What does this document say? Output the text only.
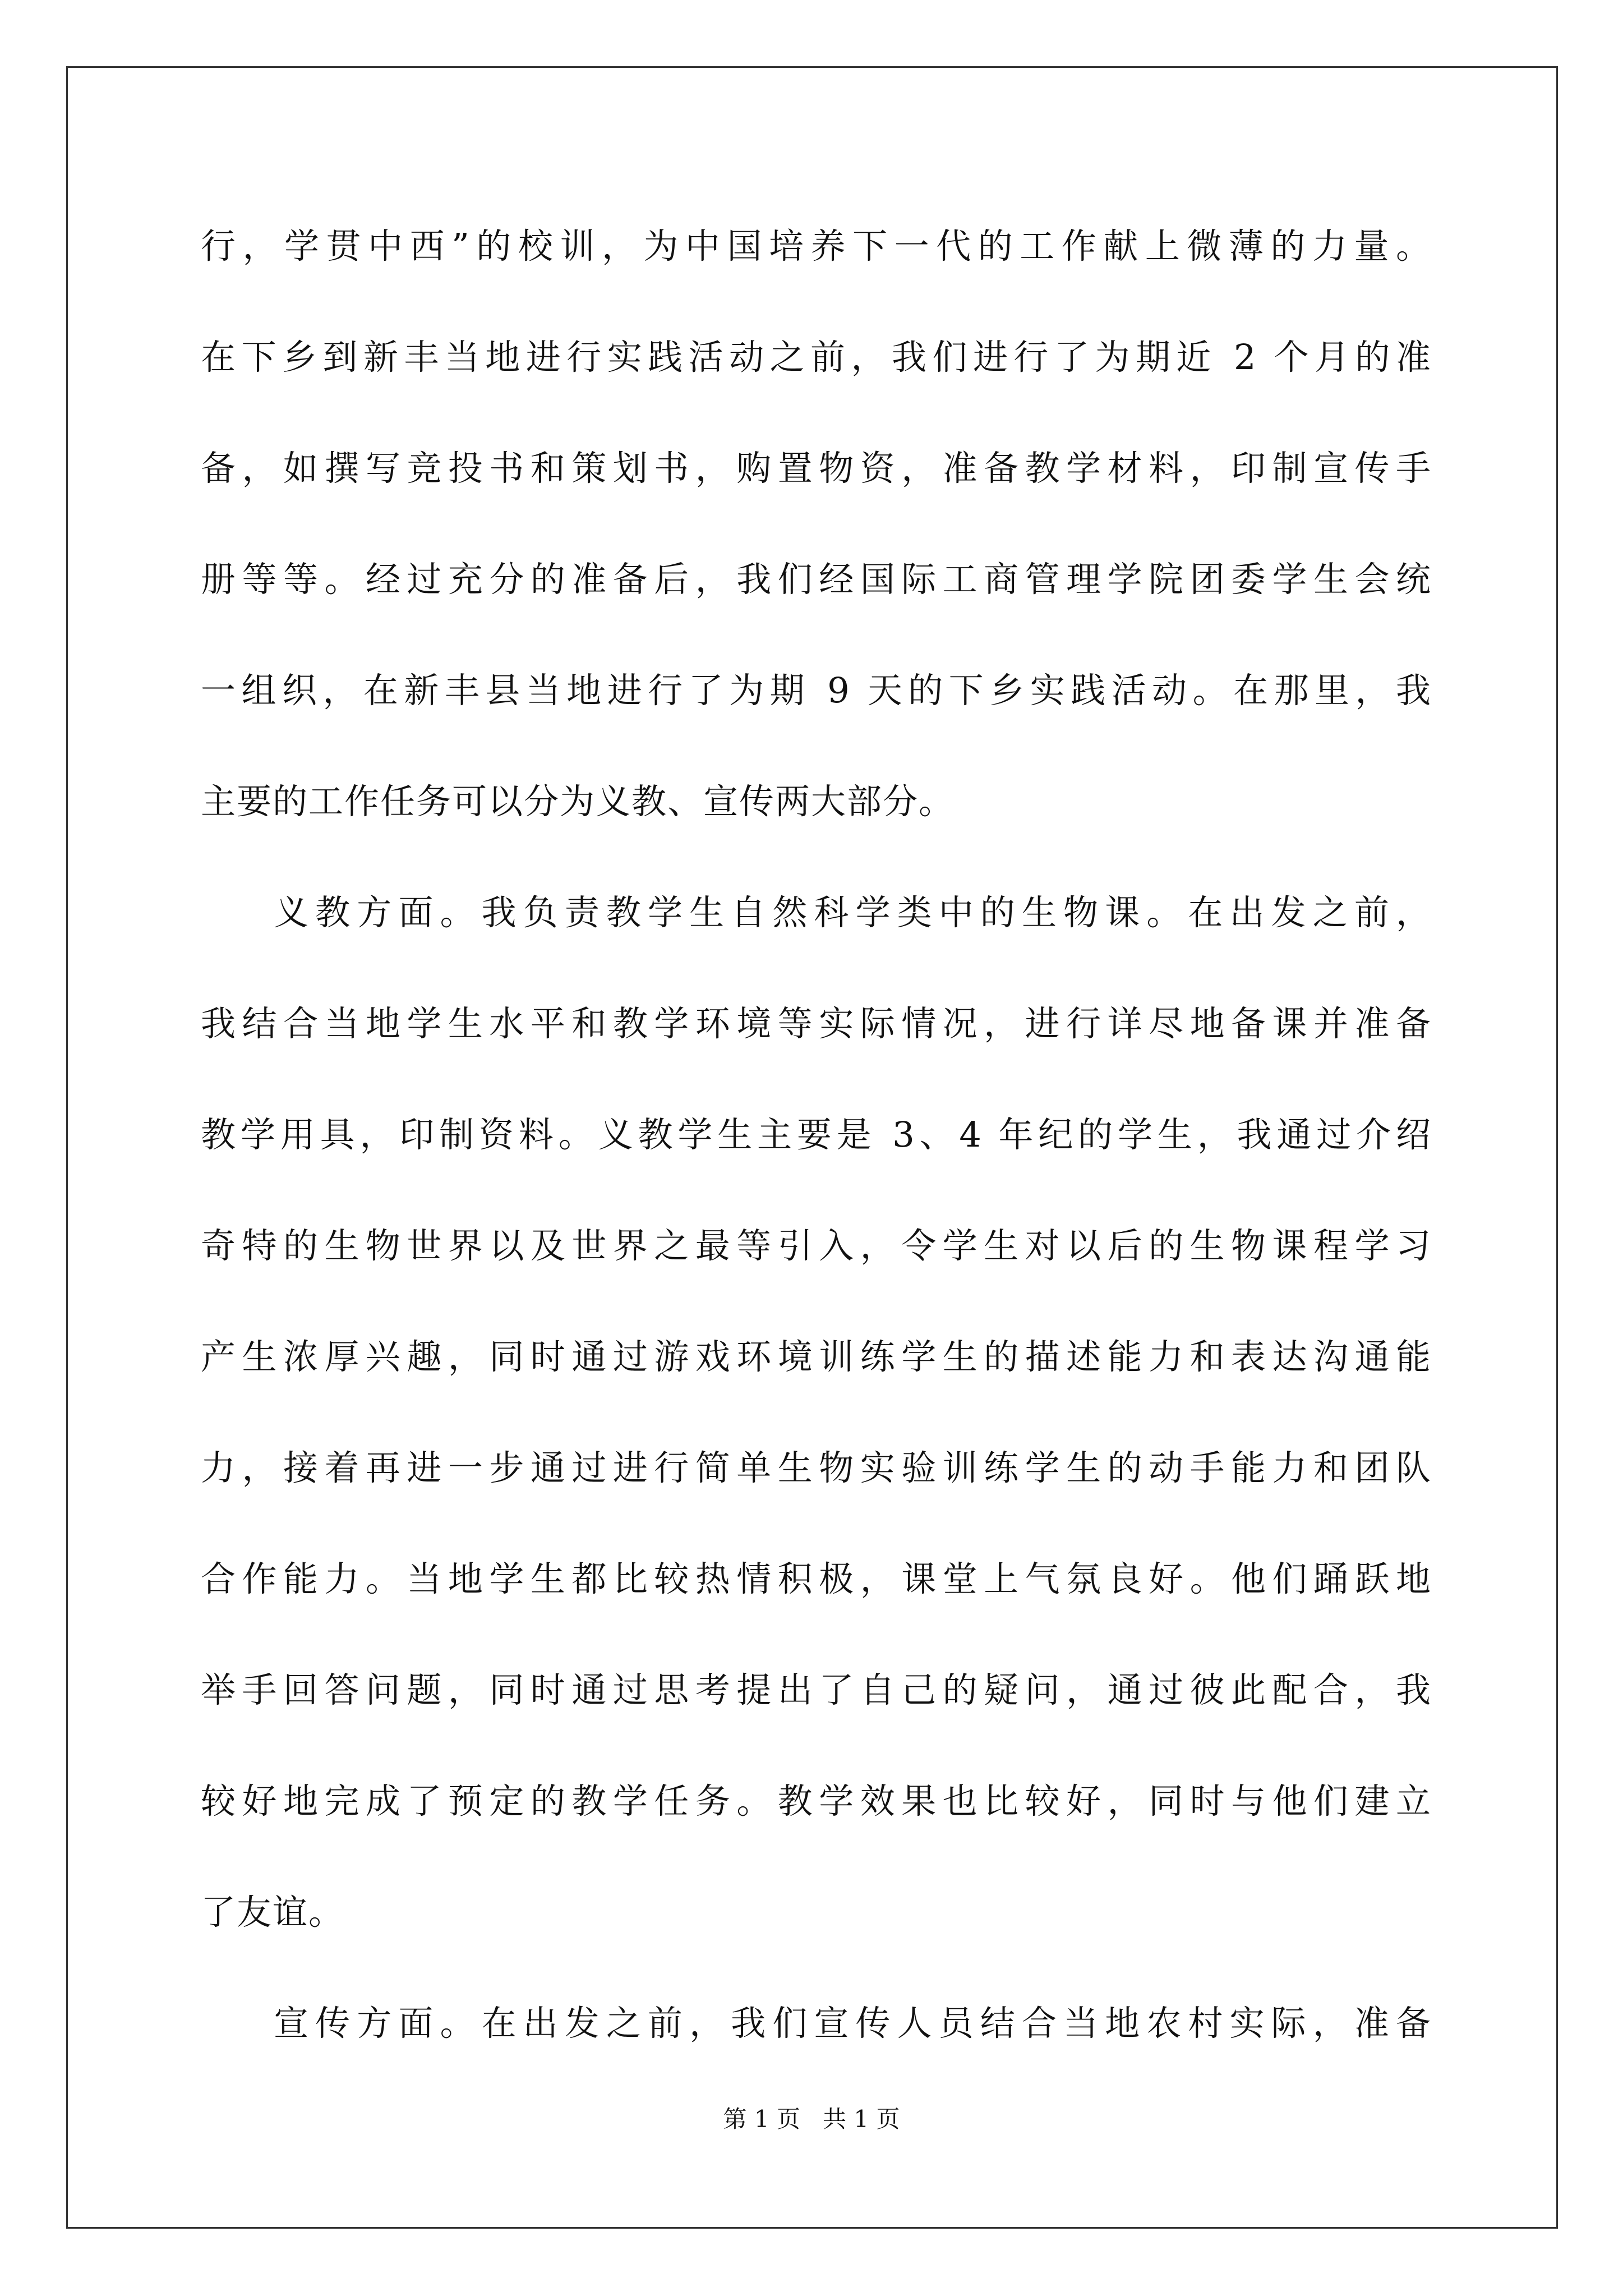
行，学贯中西”的校训，为中国培养下一代的工作献上微薄的力量。
在下乡到新丰当地进行实践活动之前，我们进行了为期近 2 个月的准
备，如撰写竞投书和策划书，购置物资，准备教学材料，印制宣传手
册等等。经过充分的准备后，我们经国际工商管理学院团委学生会统
一组织，在新丰县当地进行了为期 9 天的下乡实践活动。在那里，我
主要的工作任务可以分为义教、宣传两大部分。
义教方面。我负责教学生自然科学类中的生物课。在出发之前，
我结合当地学生水平和教学环境等实际情况，进行详尽地备课并准备
教学用具，印制资料。义教学生主要是 3、4 年纪的学生，我通过介绍
奇特的生物世界以及世界之最等引入，令学生对以后的生物课程学习
产生浓厚兴趣，同时通过游戏环境训练学生的描述能力和表达沟通能
力，接着再进一步通过进行简单生物实验训练学生的动手能力和团队
合作能力。当地学生都比较热情积极，课堂上气氛良好。他们踊跃地
举手回答问题，同时通过思考提出了自己的疑问，通过彼此配合，我
较好地完成了预定的教学任务。教学效果也比较好，同时与他们建立
了友谊。
宣传方面。在出发之前，我们宣传人员结合当地农村实际，准备
第 1 页   共 1 页
